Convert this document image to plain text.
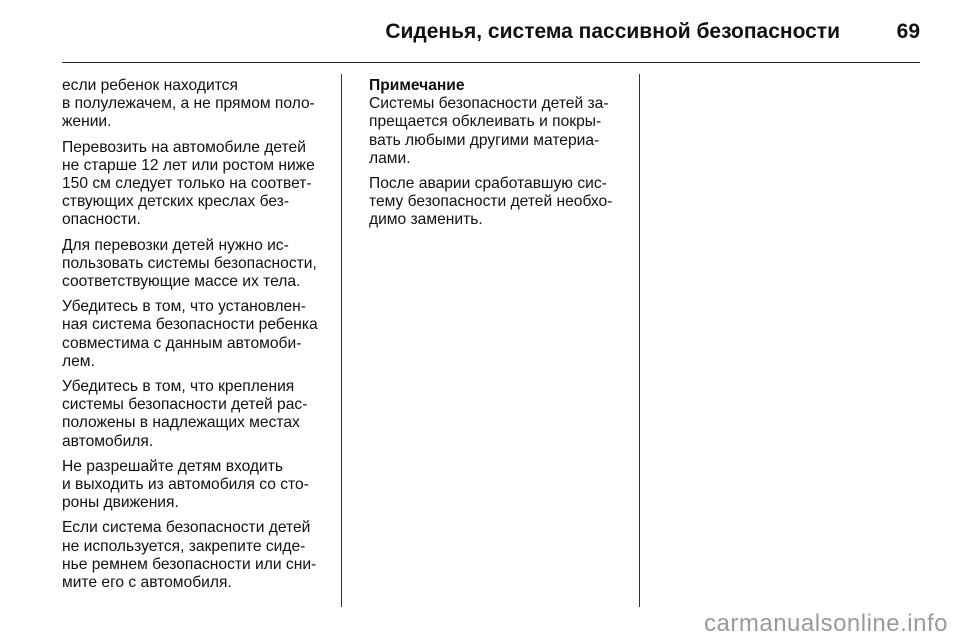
Сиденья, система пассивной безопасности	69
если ребенок находится
в полулежачем, а не прямом поло-
жении.
Перевозить на автомобиле детей
не старше 12 лет или ростом ниже
150 см следует только на соответ-
ствующих детских креслах без-
опасности.
Для перевозки детей нужно ис-
пользовать системы безопасности,
соответствующие массе их тела.
Убедитесь в том, что установлен-
ная система безопасности ребенка
совместима с данным автомоби-
лем.
Убедитесь в том, что крепления
системы безопасности детей рас-
положены в надлежащих местах
автомобиля.
Не разрешайте детям входить
и выходить из автомобиля со сто-
роны движения.
Если система безопасности детей
не используется, закрепите сиде-
нье ремнем безопасности или сни-
мите его с автомобиля.
Примечание
Системы безопасности детей за-
прещается обклеивать и покры-
вать любыми другими материа-
лами.
После аварии сработавшую сис-
тему безопасности детей необхо-
димо заменить.
carmanualsonline.info
